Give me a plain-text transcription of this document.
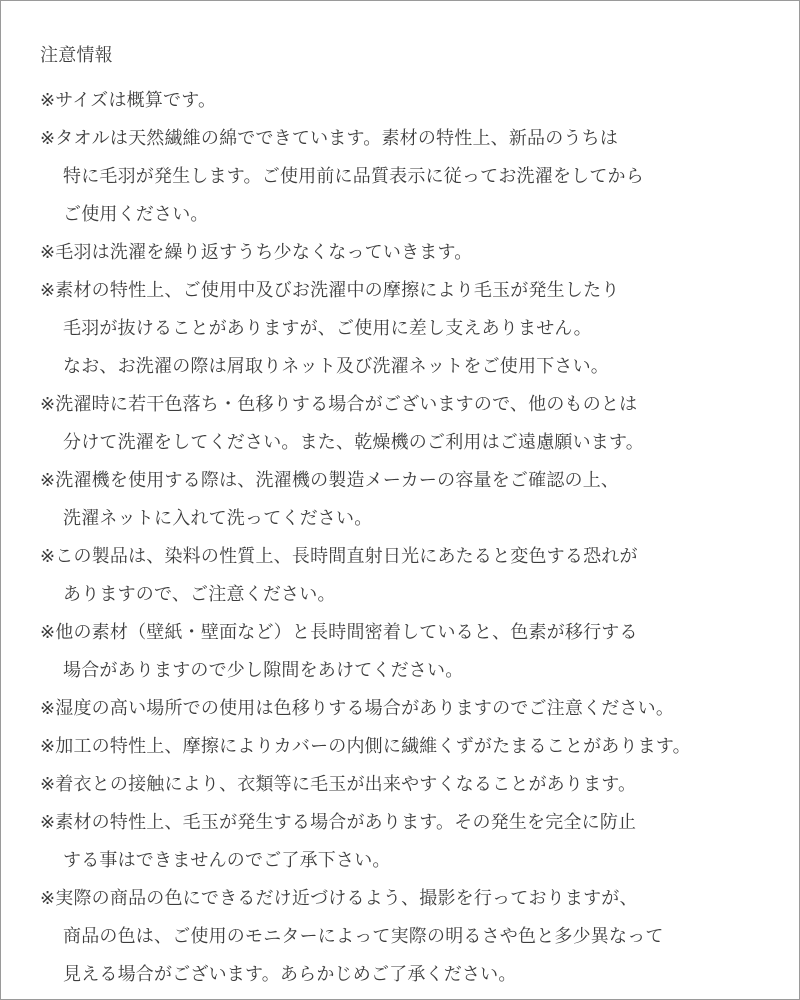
注意情報
※サイズは概算です。
※タオルは天然繊維の綿でできています。素材の特性上、新品のうちは
特に毛羽が発生します。ご使用前に品質表示に従ってお洗濯をしてから
ご使用ください。
※毛羽は洗濯を繰り返すうち少なくなっていきます。
※素材の特性上、ご使用中及びお洗濯中の摩擦により毛玉が発生したり
毛羽が抜けることがありますが、ご使用に差し支えありません。
なお、お洗濯の際は屑取りネット及び洗濯ネットをご使用下さい。
※洗濯時に若干色落ち・色移りする場合がございますので、他のものとは
分けて洗濯をしてください。また、乾燥機のご利用はご遠慮願います。
※洗濯機を使用する際は、洗濯機の製造メーカーの容量をご確認の上、
洗濯ネットに入れて洗ってください。
※この製品は、染料の性質上、長時間直射日光にあたると変色する恐れが
ありますので、ご注意ください。
※他の素材（壁紙・壁面など）と長時間密着していると、色素が移行する
場合がありますので少し隙間をあけてください。
※湿度の高い場所での使用は色移りする場合がありますのでご注意ください。
※加工の特性上、摩擦によりカバーの内側に繊維くずがたまることがあります。
※着衣との接触により、衣類等に毛玉が出来やすくなることがあります。
※素材の特性上、毛玉が発生する場合があります。その発生を完全に防止
する事はできませんのでご了承下さい。
※実際の商品の色にできるだけ近づけるよう、撮影を行っておりますが、
商品の色は、ご使用のモニターによって実際の明るさや色と多少異なって
見える場合がございます。あらかじめご了承ください。
